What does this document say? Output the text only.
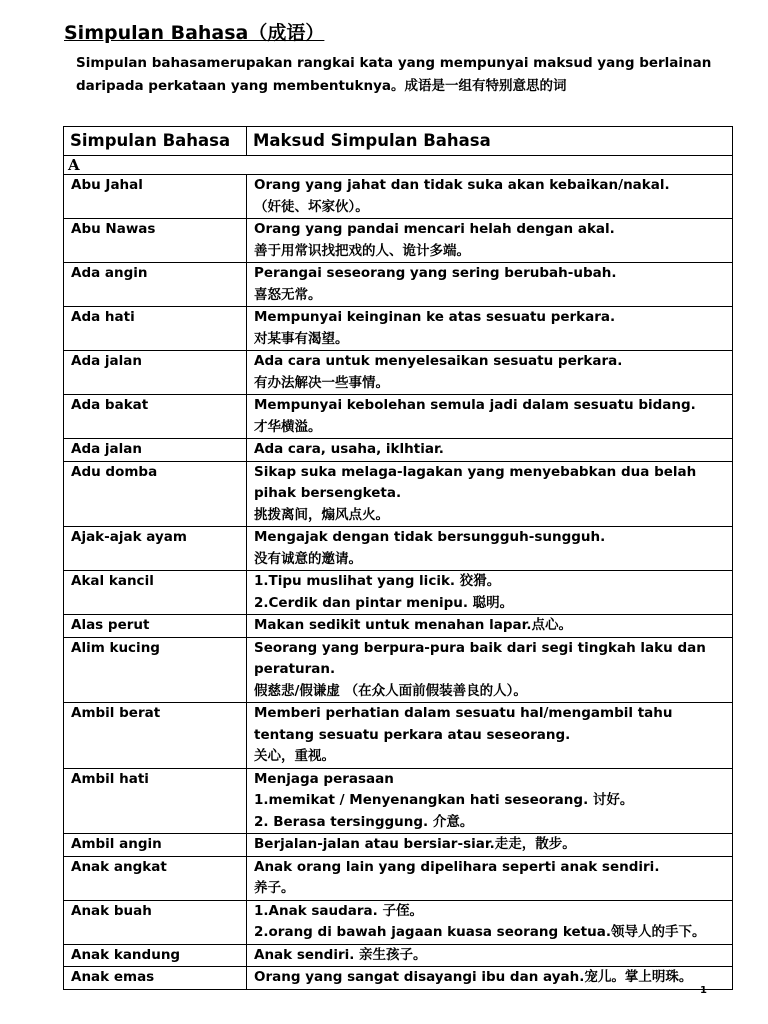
Simpulan Bahasa（成语）
Simpulan bahasamerupakan rangkai kata yang mempunyai maksud yang berlainan daripada perkataan yang membentuknya。成语是一组有特别意思的词
Simpulan Bahasa	Maksud Simpulan Bahasa
A	
Abu Jahal	Orang yang jahat dan tidak suka akan kebaikan/nakal.
（奸徒、坏家伙）。

Abu Nawas	Orang yang pandai mencari helah dengan akal.
善于用常识找把戏的人、诡计多端。

Ada angin	Perangai seseorang yang sering berubah-ubah.
喜怒无常。

Ada hati	Mempunyai keinginan ke atas sesuatu perkara.
对某事有渴望。

Ada jalan	Ada cara untuk menyelesaikan sesuatu perkara.
有办法解决一些事情。

Ada bakat	Mempunyai kebolehan semula jadi dalam sesuatu bidang.
才华横溢。

Ada jalan	Ada cara, usaha, iklhtiar.

Adu domba	Sikap suka melaga-lagakan yang menyebabkan dua belah
pihak bersengketa.
挑拨离间，煽风点火。

Ajak-ajak ayam	Mengajak dengan tidak bersungguh-sungguh.
没有诚意的邀请。

Akal kancil	1.Tipu muslihat yang licik. 狡猾。
2.Cerdik dan pintar menipu. 聪明。

Alas perut	Makan sedikit untuk menahan lapar.点心。

Alim kucing	Seorang yang berpura-pura baik dari segi tingkah laku dan
peraturan.
假慈悲/假谦虚 （在众人面前假装善良的人）。

Ambil berat	Memberi perhatian dalam sesuatu hal/mengambil tahu
tentang sesuatu perkara atau seseorang.
关心，重视。

Ambil hati	Menjaga perasaan
1.memikat / Menyenangkan hati seseorang. 讨好。
2. Berasa tersinggung. 介意。

Ambil angin	Berjalan-jalan atau bersiar-siar.走走，散步。

Anak angkat	Anak orang lain yang dipelihara seperti anak sendiri.
养子。

Anak buah	1.Anak saudara. 子侄。
2.orang di bawah jagaan kuasa seorang ketua.领导人的手下。

Anak kandung	Anak sendiri. 亲生孩子。

Anak emas	Orang yang sangat disayangi ibu dan ayah.宠儿。掌上明珠。
1
